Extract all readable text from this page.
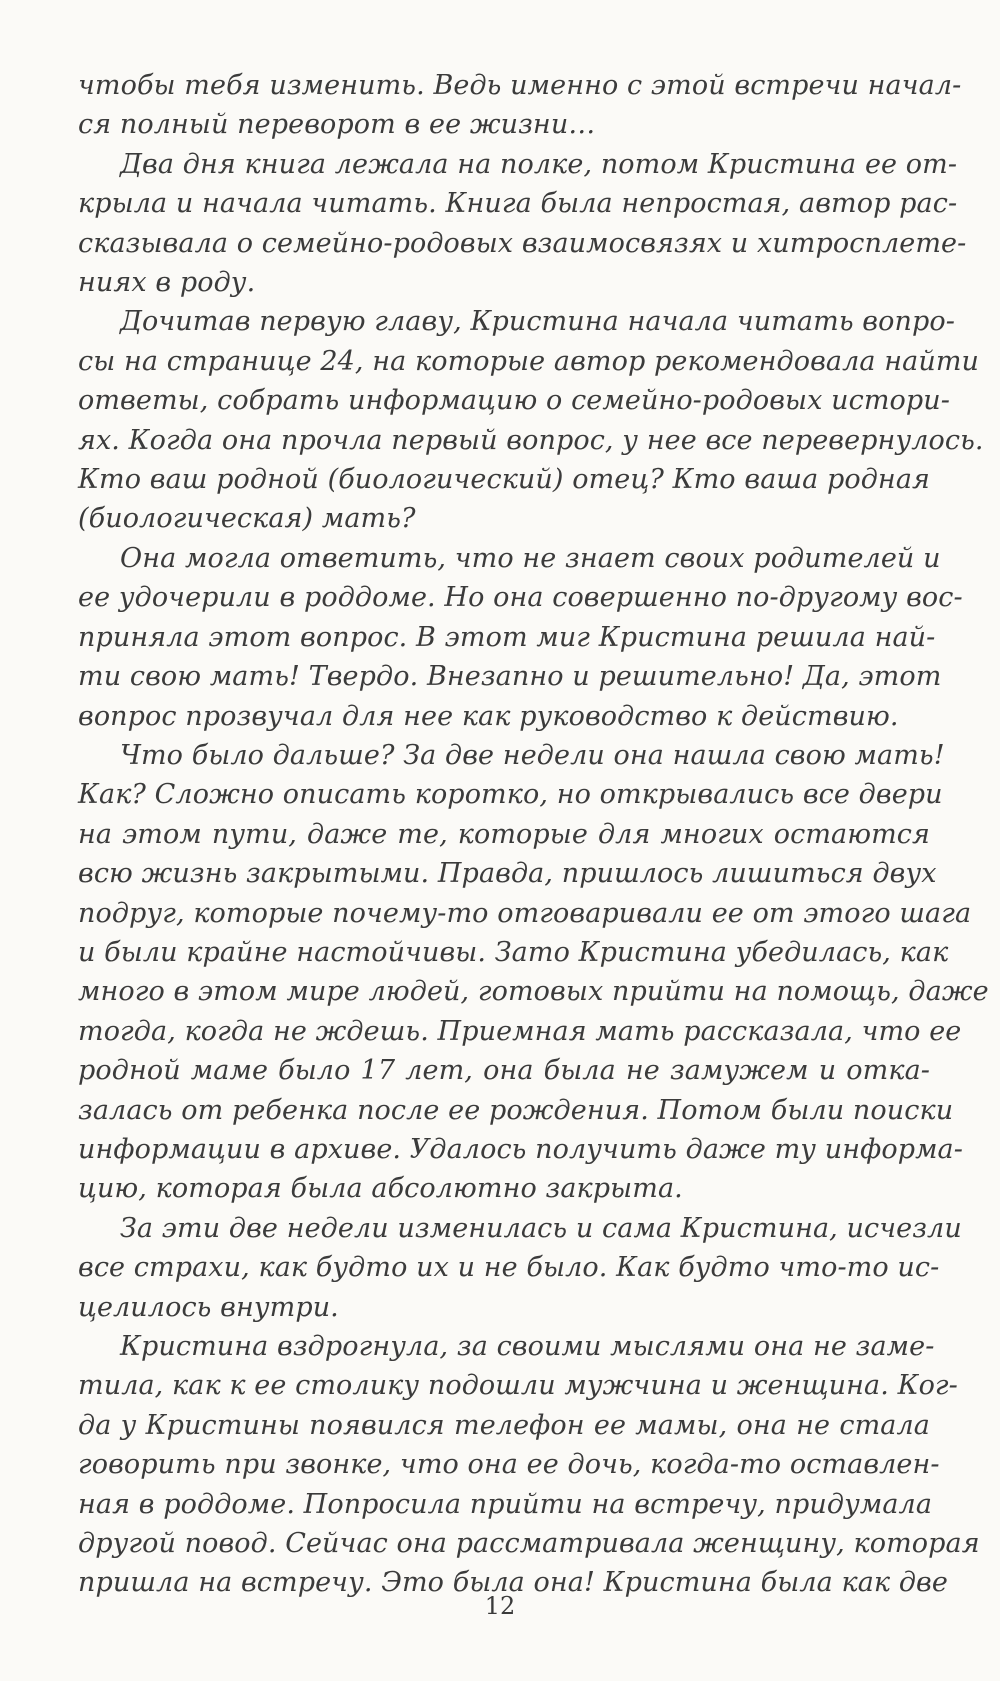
чтобы тебя изменить. Ведь именно с этой встречи начал-
ся полный переворот в ее жизни…
Два дня книга лежала на полке, потом Кристина ее от-
крыла и начала читать. Книга была непростая, автор рас-
сказывала о семейно-родовых взаимосвязях и хитросплете-
ниях в роду.
Дочитав первую главу, Кристина начала читать вопро-
сы на странице 24, на которые автор рекомендовала найти
ответы, собрать информацию о семейно-родовых истори-
ях. Когда она прочла первый вопрос, у нее все перевернулось.
Кто ваш родной (биологический) отец? Кто ваша родная
(биологическая) мать?
Она могла ответить, что не знает своих родителей и
ее удочерили в роддоме. Но она совершенно по-другому вос-
приняла этот вопрос. В этот миг Кристина решила най-
ти свою мать! Твердо. Внезапно и решительно! Да, этот
вопрос прозвучал для нее как руководство к действию.
Что было дальше? За две недели она нашла свою мать!
Как? Сложно описать коротко, но открывались все двери
на этом пути, даже те, которые для многих остаются
всю жизнь закрытыми. Правда, пришлось лишиться двух
подруг, которые почему-то отговаривали ее от этого шага
и были крайне настойчивы. Зато Кристина убедилась, как
много в этом мире людей, готовых прийти на помощь, даже
тогда, когда не ждешь. Приемная мать рассказала, что ее
родной маме было 17 лет, она была не замужем и отка-
залась от ребенка после ее рождения. Потом были поиски
информации в архиве. Удалось получить даже ту информа-
цию, которая была абсолютно закрыта.
За эти две недели изменилась и сама Кристина, исчезли
все страхи, как будто их и не было. Как будто что-то ис-
целилось внутри.
Кристина вздрогнула, за своими мыслями она не заме-
тила, как к ее столику подошли мужчина и женщина. Ког-
да у Кристины появился телефон ее мамы, она не стала
говорить при звонке, что она ее дочь, когда-то оставлен-
ная в роддоме. Попросила прийти на встречу, придумала
другой повод. Сейчас она рассматривала женщину, которая
пришла на встречу. Это была она! Кристина была как две
12
